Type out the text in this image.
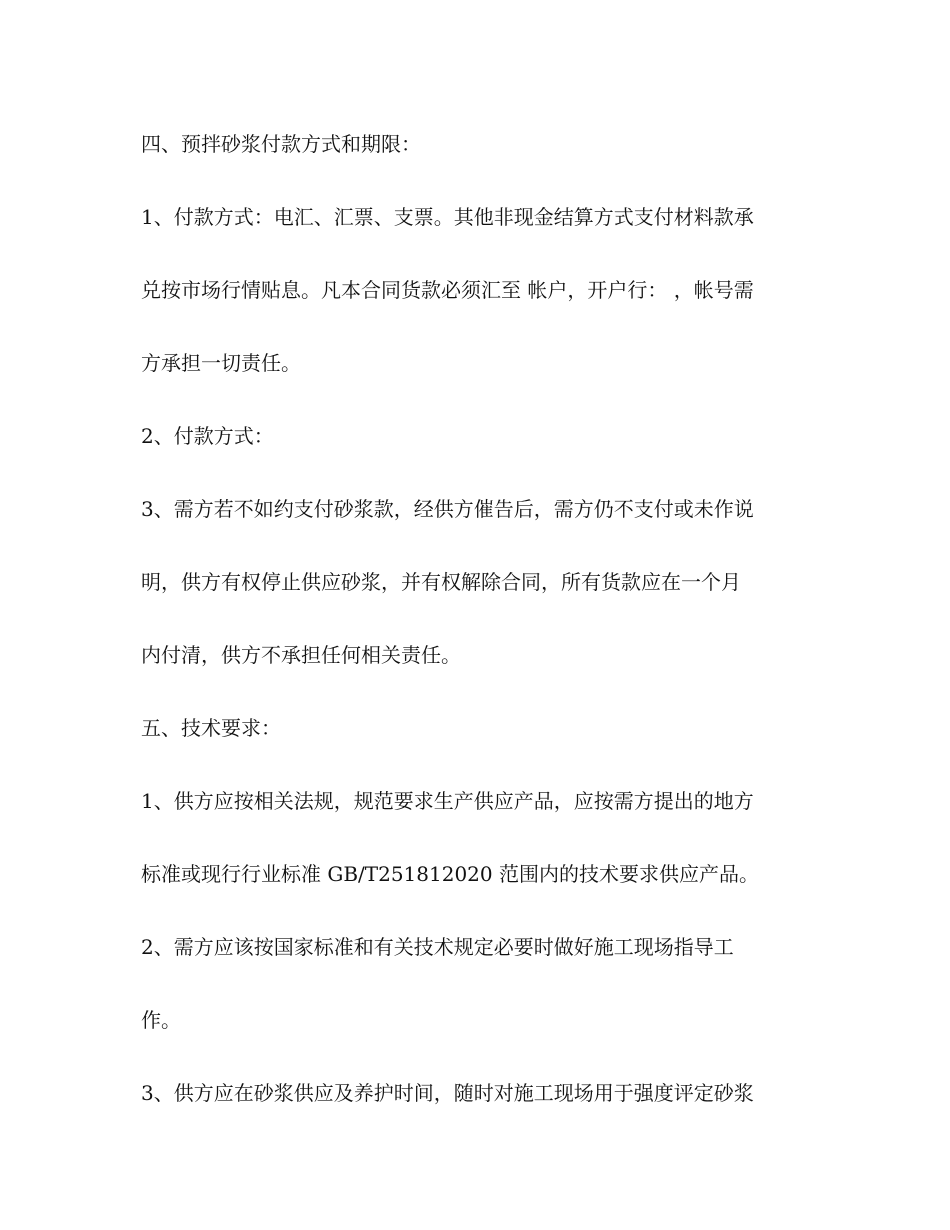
四、预拌砂浆付款方式和期限：
1、付款方式：电汇、汇票、支票。其他非现金结算方式支付材料款承
兑按市场行情贴息。凡本合同货款必须汇至 帐户，开户行： ，帐号需
方承担一切责任。
2、付款方式：
3、需方若不如约支付砂浆款，经供方催告后，需方仍不支付或未作说
明，供方有权停止供应砂浆，并有权解除合同，所有货款应在一个月
内付清，供方不承担任何相关责任。
五、技术要求：
1、供方应按相关法规，规范要求生产供应产品，应按需方提出的地方
标准或现行行业标准 GB/T251812020 范围内的技术要求供应产品。
2、需方应该按国家标准和有关技术规定必要时做好施工现场指导工
作。
3、供方应在砂浆供应及养护时间，随时对施工现场用于强度评定砂浆
